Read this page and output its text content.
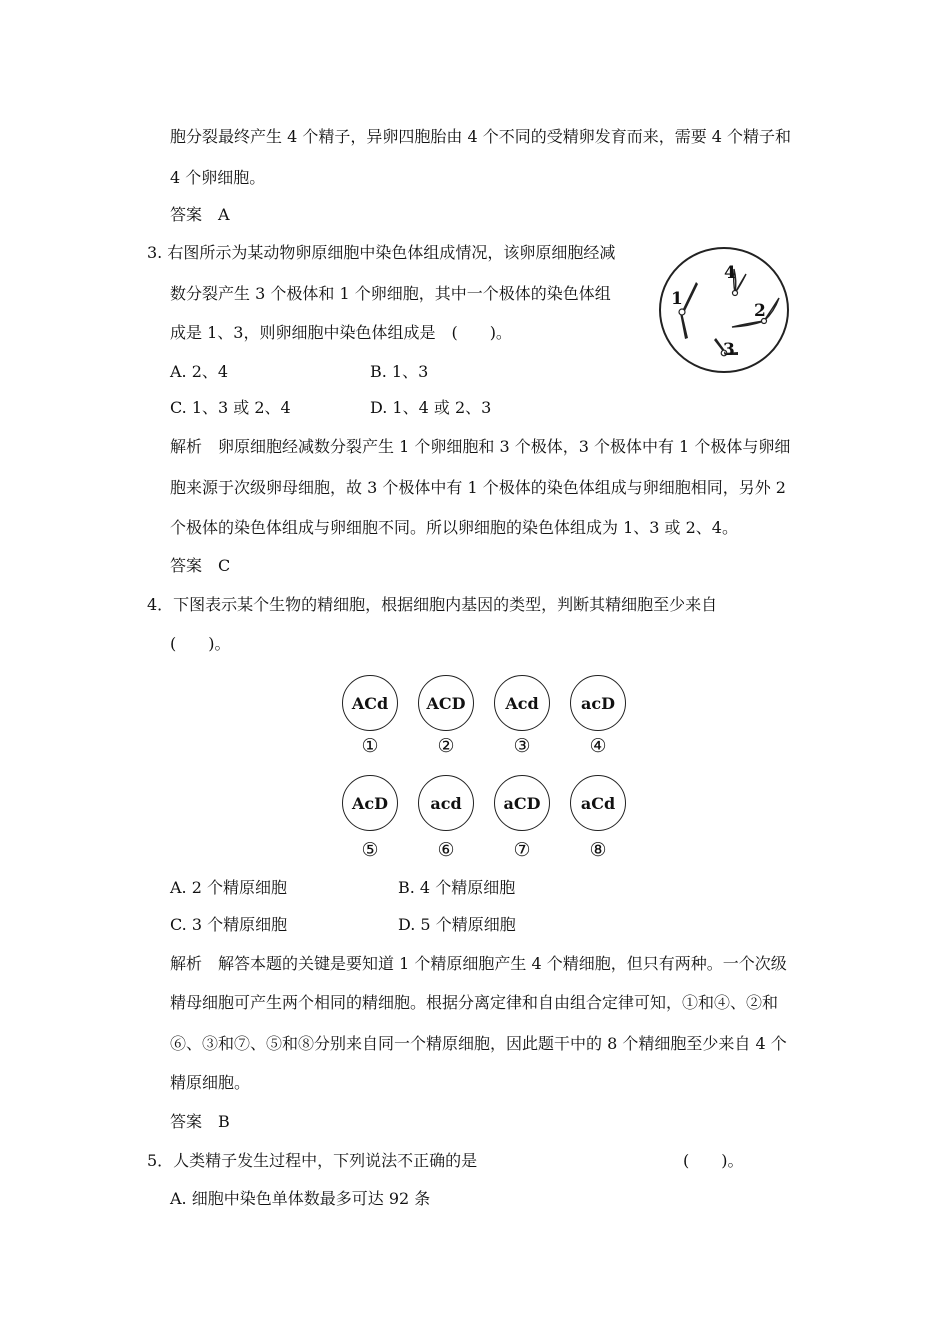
胞分裂最终产生 4 个精子，异卵四胞胎由 4 个不同的受精卵发育而来，需要 4 个精子和
4 个卵细胞。
答案　A
3. 右图所示为某动物卵原细胞中染色体组成情况，该卵原细胞经减
数分裂产生 3 个极体和 1 个卵细胞，其中一个极体的染色体组
成是 1、3，则卵细胞中染色体组成是　(　　)。
A. 2、4	B. 1、3
C. 1、3 或 2、4	D. 1、4 或 2、3
解析　卵原细胞经减数分裂产生 1 个卵细胞和 3 个极体，3 个极体中有 1 个极体与卵细
胞来源于次级卵母细胞，故 3 个极体中有 1 个极体的染色体组成与卵细胞相同，另外 2
个极体的染色体组成与卵细胞不同。所以卵细胞的染色体组成为 1、3 或 2、4。
答案　C
4．下图表示某个生物的精细胞，根据细胞内基因的类型，判断其精细胞至少来自
(　　)。
4
1
2
3
ACd ACD Acd	acD
①	②	③	④
AcD	acd	aCD	aCd
⑤	⑥	⑦	⑧
A. 2 个精原细胞	B. 4 个精原细胞
C. 3 个精原细胞	D. 5 个精原细胞
解析　解答本题的关键是要知道 1 个精原细胞产生 4 个精细胞，但只有两种。一个次级
精母细胞可产生两个相同的精细胞。根据分离定律和自由组合定律可知，①和④、②和
⑥、③和⑦、⑤和⑧分别来自同一个精原细胞，因此题干中的 8 个精细胞至少来自 4 个
精原细胞。
答案　B
5．人类精子发生过程中，下列说法不正确的是	(　　)。
A. 细胞中染色单体数最多可达 92 条
